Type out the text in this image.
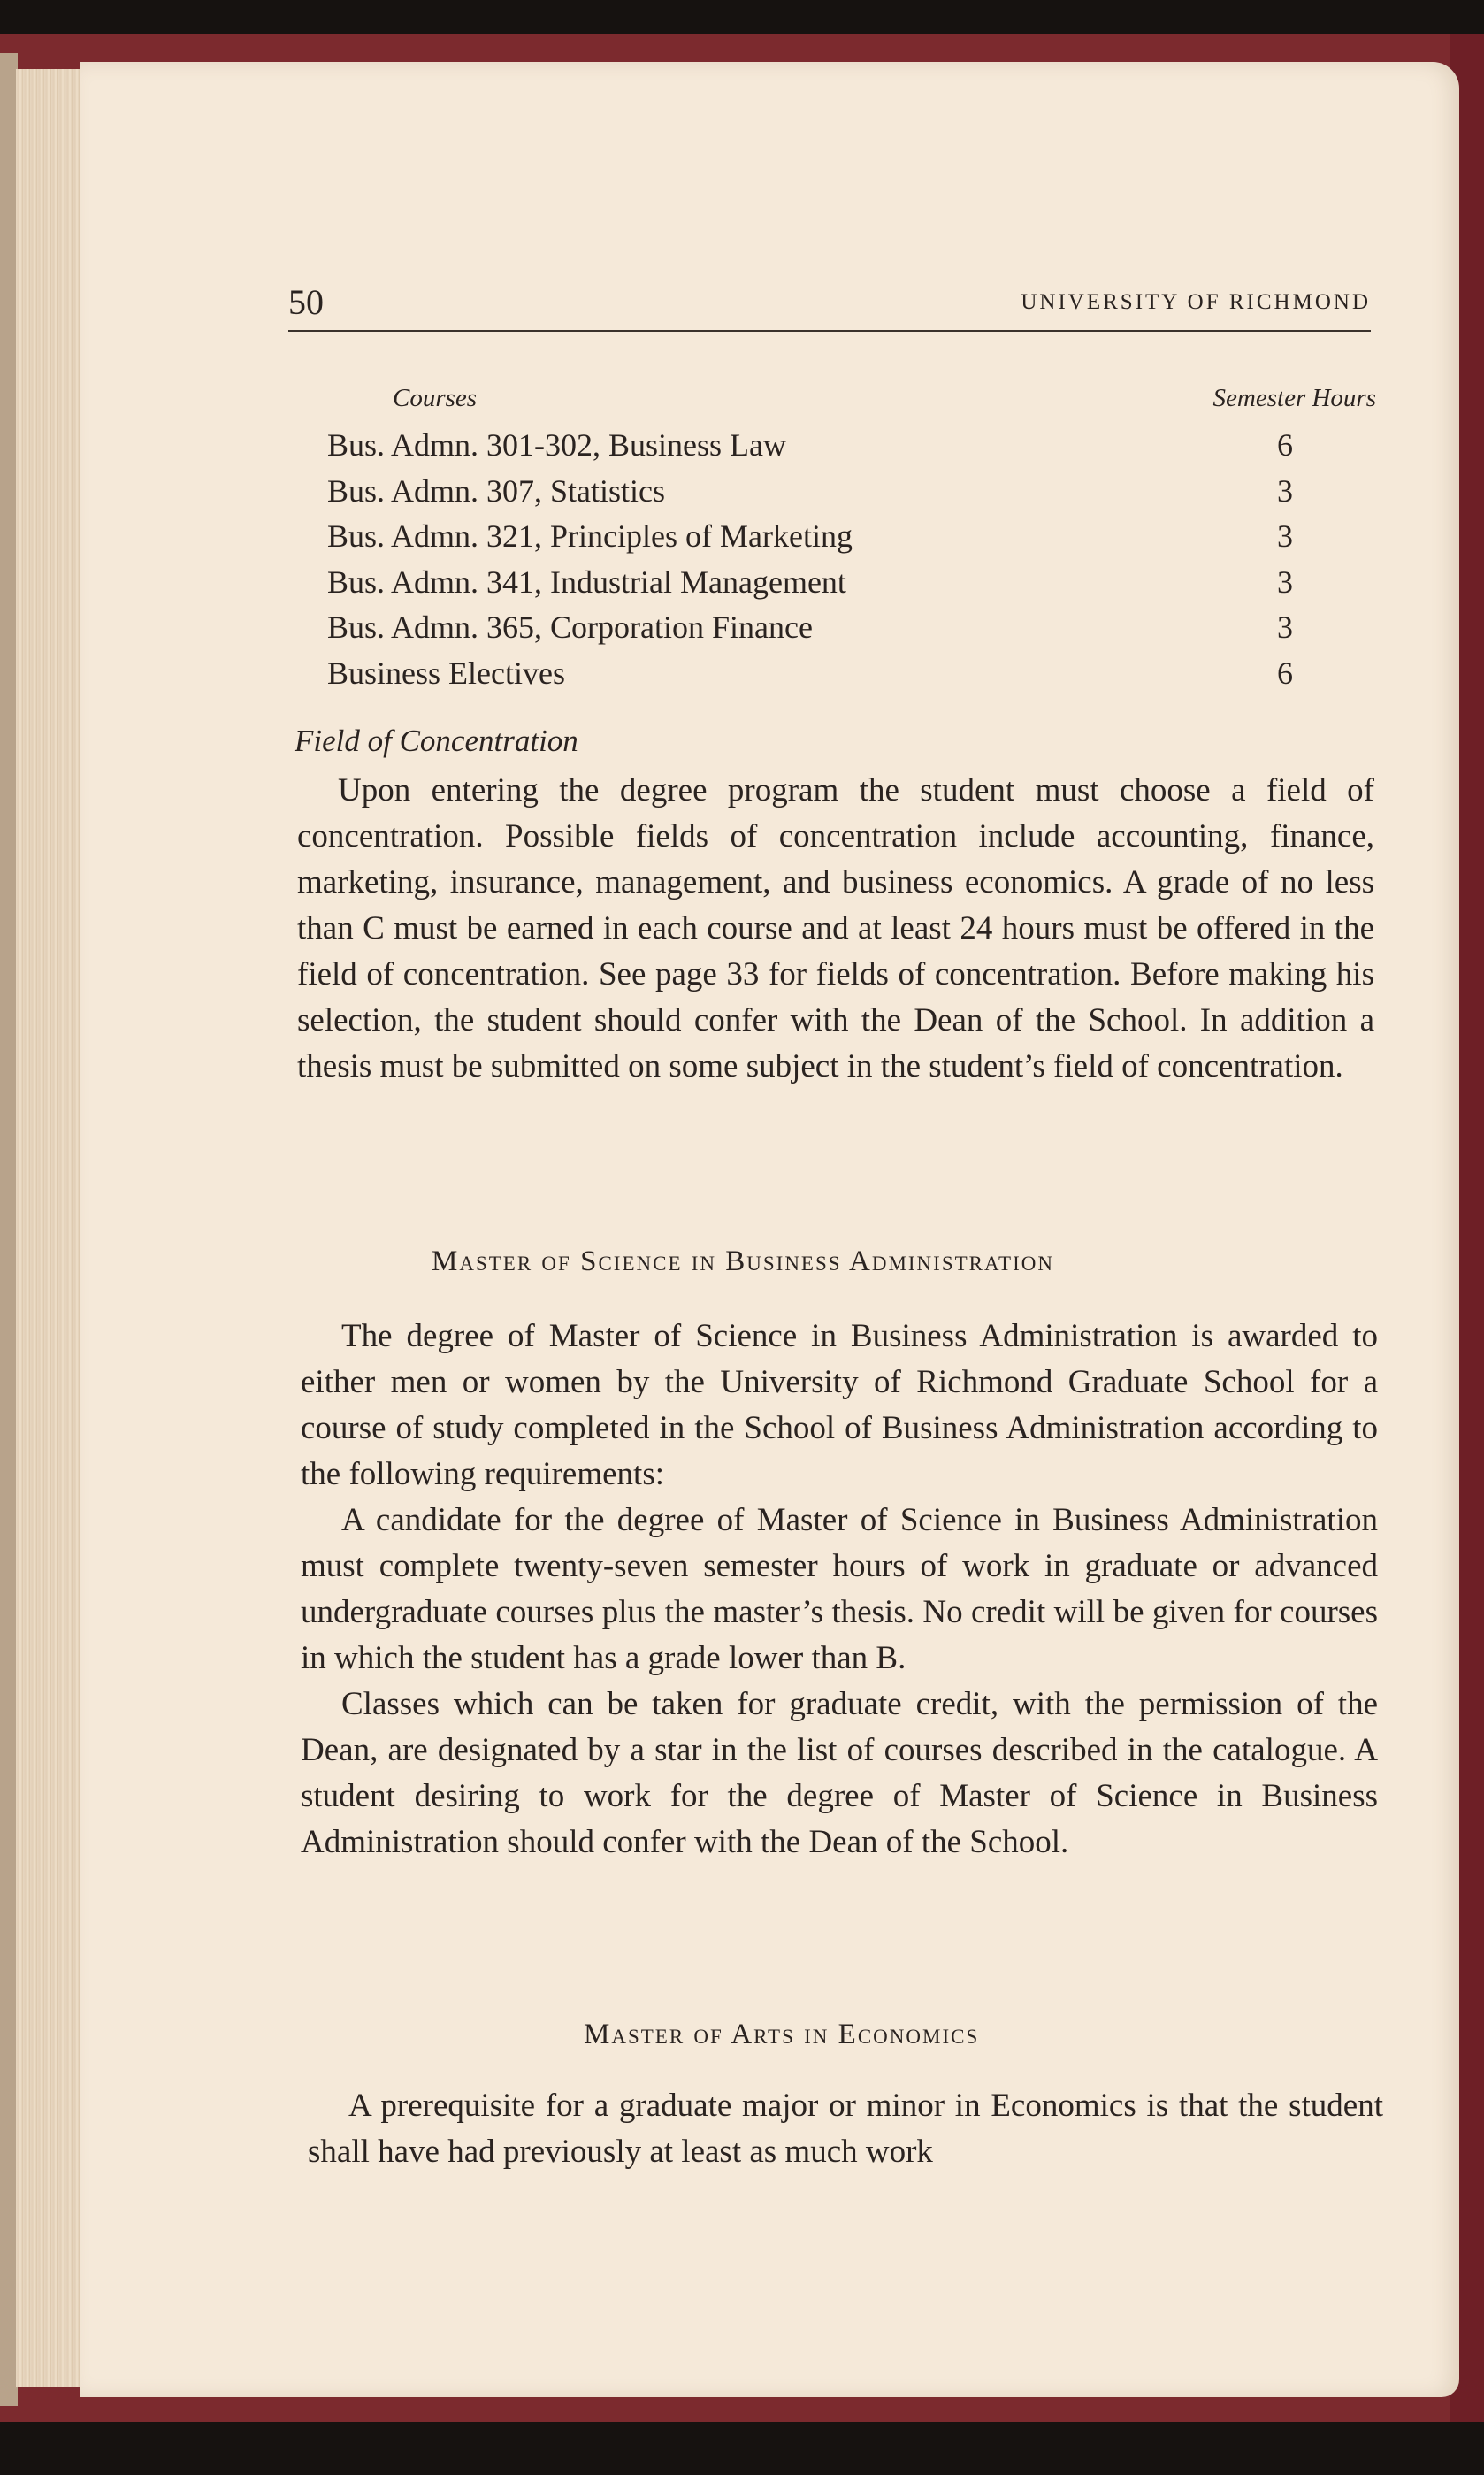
50	UNIVERSITY OF RICHMOND
Courses	Semester Hours
Bus. Admn. 301-302, Business Law	6
Bus. Admn. 307, Statistics	3
Bus. Admn. 321, Principles of Marketing	3
Bus. Admn. 341, Industrial Management	3
Bus. Admn. 365, Corporation Finance	3
Business Electives	6
Field of Concentration

Upon entering the degree program the student must choose a field of concentration. Possible fields of concentration include accounting, finance, marketing, insurance, management, and business economics. A grade of no less than C must be earned in each course and at least 24 hours must be offered in the field of concentration. See page 33 for fields of concentration. Before making his selection, the student should confer with the Dean of the School. In addition a thesis must be submitted on some subject in the student’s field of concentration.

Master of Science in Business Administration

The degree of Master of Science in Business Administration is awarded to either men or women by the University of Richmond Graduate School for a course of study completed in the School of Business Administration according to the following requirements:

A candidate for the degree of Master of Science in Business Administration must complete twenty-seven semester hours of work in graduate or advanced undergraduate courses plus the master’s thesis. No credit will be given for courses in which the student has a grade lower than B.

Classes which can be taken for graduate credit, with the permission of the Dean, are designated by a star in the list of courses described in the catalogue. A student desiring to work for the degree of Master of Science in Business Administration should confer with the Dean of the School.

Master of Arts in Economics

A prerequisite for a graduate major or minor in Economics is that the student shall have had previously at least as much work
